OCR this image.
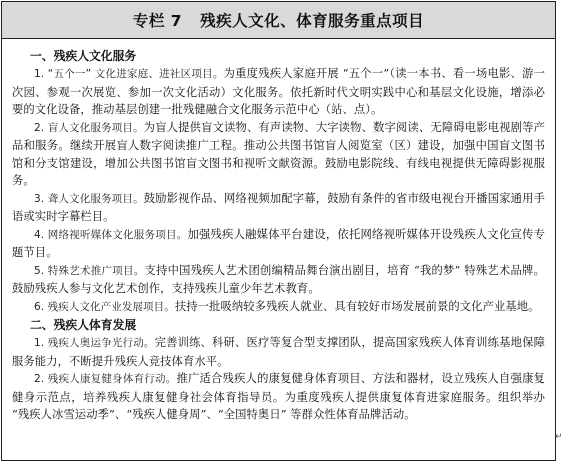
专栏 7 残疾人文化、体育服务重点项目
一、残疾人文化服务

1. “五个一” 文化进家庭、进社区项目。为重度残疾人家庭开展 “五个一”（读一本书、看一场电影、游一次园、参观一次展览、参加一次文化活动）文化服务。依托新时代文明实践中心和基层文化设施，增添必要的文化设备，推动基层创建一批残健融合文化服务示范中心（站、点）。

2. 盲人文化服务项目。为盲人提供盲文读物、有声读物、大字读物、数字阅读、无障碍电影电视剧等产品和服务。继续开展盲人数字阅读推广工程。推动公共图书馆盲人阅览室（区）建设，加强中国盲文图书馆和分支馆建设，增加公共图书馆盲文图书和视听文献资源。鼓励电影院线、有线电视提供无障碍影视服务。

3. 聋人文化服务项目。鼓励影视作品、网络视频加配字幕，鼓励有条件的省市级电视台开播国家通用手语或实时字幕栏目。

4. 网络视听媒体文化服务项目。加强残疾人融媒体平台建设，依托网络视听媒体开设残疾人文化宣传专题节目。

5. 特殊艺术推广项目。支持中国残疾人艺术团创编精品舞台演出剧目，培育 “我的梦” 特殊艺术品牌。鼓励残疾人参与文化艺术创作，支持残疾儿童少年艺术教育。

6. 残疾人文化产业发展项目。扶持一批吸纳较多残疾人就业、具有较好市场发展前景的文化产业基地。

二、残疾人体育发展

1. 残疾人奥运争光行动。完善训练、科研、医疗等复合型支撑团队，提高国家残疾人体育训练基地保障服务能力，不断提升残疾人竞技体育水平。

2. 残疾人康复健身体育行动。推广适合残疾人的康复健身体育项目、方法和器材，设立残疾人自强康复健身示范点，培养残疾人康复健身社会体育指导员。为重度残疾人提供康复体育进家庭服务。组织举办 “残疾人冰雪运动季”、“残疾人健身周”、“全国特奥日” 等群众性体育品牌活动。

↵
